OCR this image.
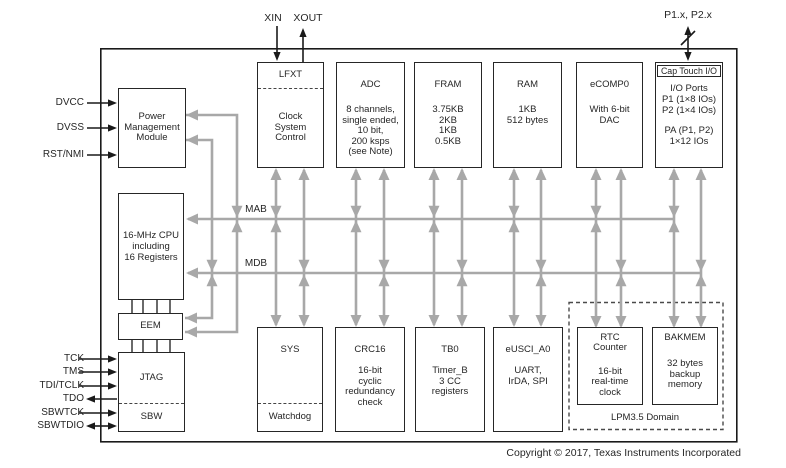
XIN	XOUT	P1.x, P2.x
DVCC
DVSS
RST/NMI
TCK
TMS
TDI/TCLK
TDO
SBWTCK
SBWTDIO
MAB
MDB
LPM3.5 Domain
Power
Management
Module
LFXT
Clock
System
Control
ADC
8 channels,
single ended,
10 bit,
200 ksps
(see Note)
FRAM
3.75KB
2KB
1KB
0.5KB
RAM
1KB
512 bytes
eCOMP0
With 6-bit
DAC
Cap Touch I/O
I/O Ports
P1 (1×8 IOs)
P2 (1×4 IOs)
PA (P1, P2)
1×12 IOs
16-MHz CPU
including
16 Registers
EEM
JTAG
SBW
SYS
Watchdog
CRC16
16-bit
cyclic
redundancy
check
TB0
Timer_B
3 CC
registers
eUSCI_A0
UART,
IrDA, SPI
RTC
Counter
16-bit
real-time
clock
BAKMEM
32 bytes
backup
memory
Copyright © 2017, Texas Instruments Incorporated
